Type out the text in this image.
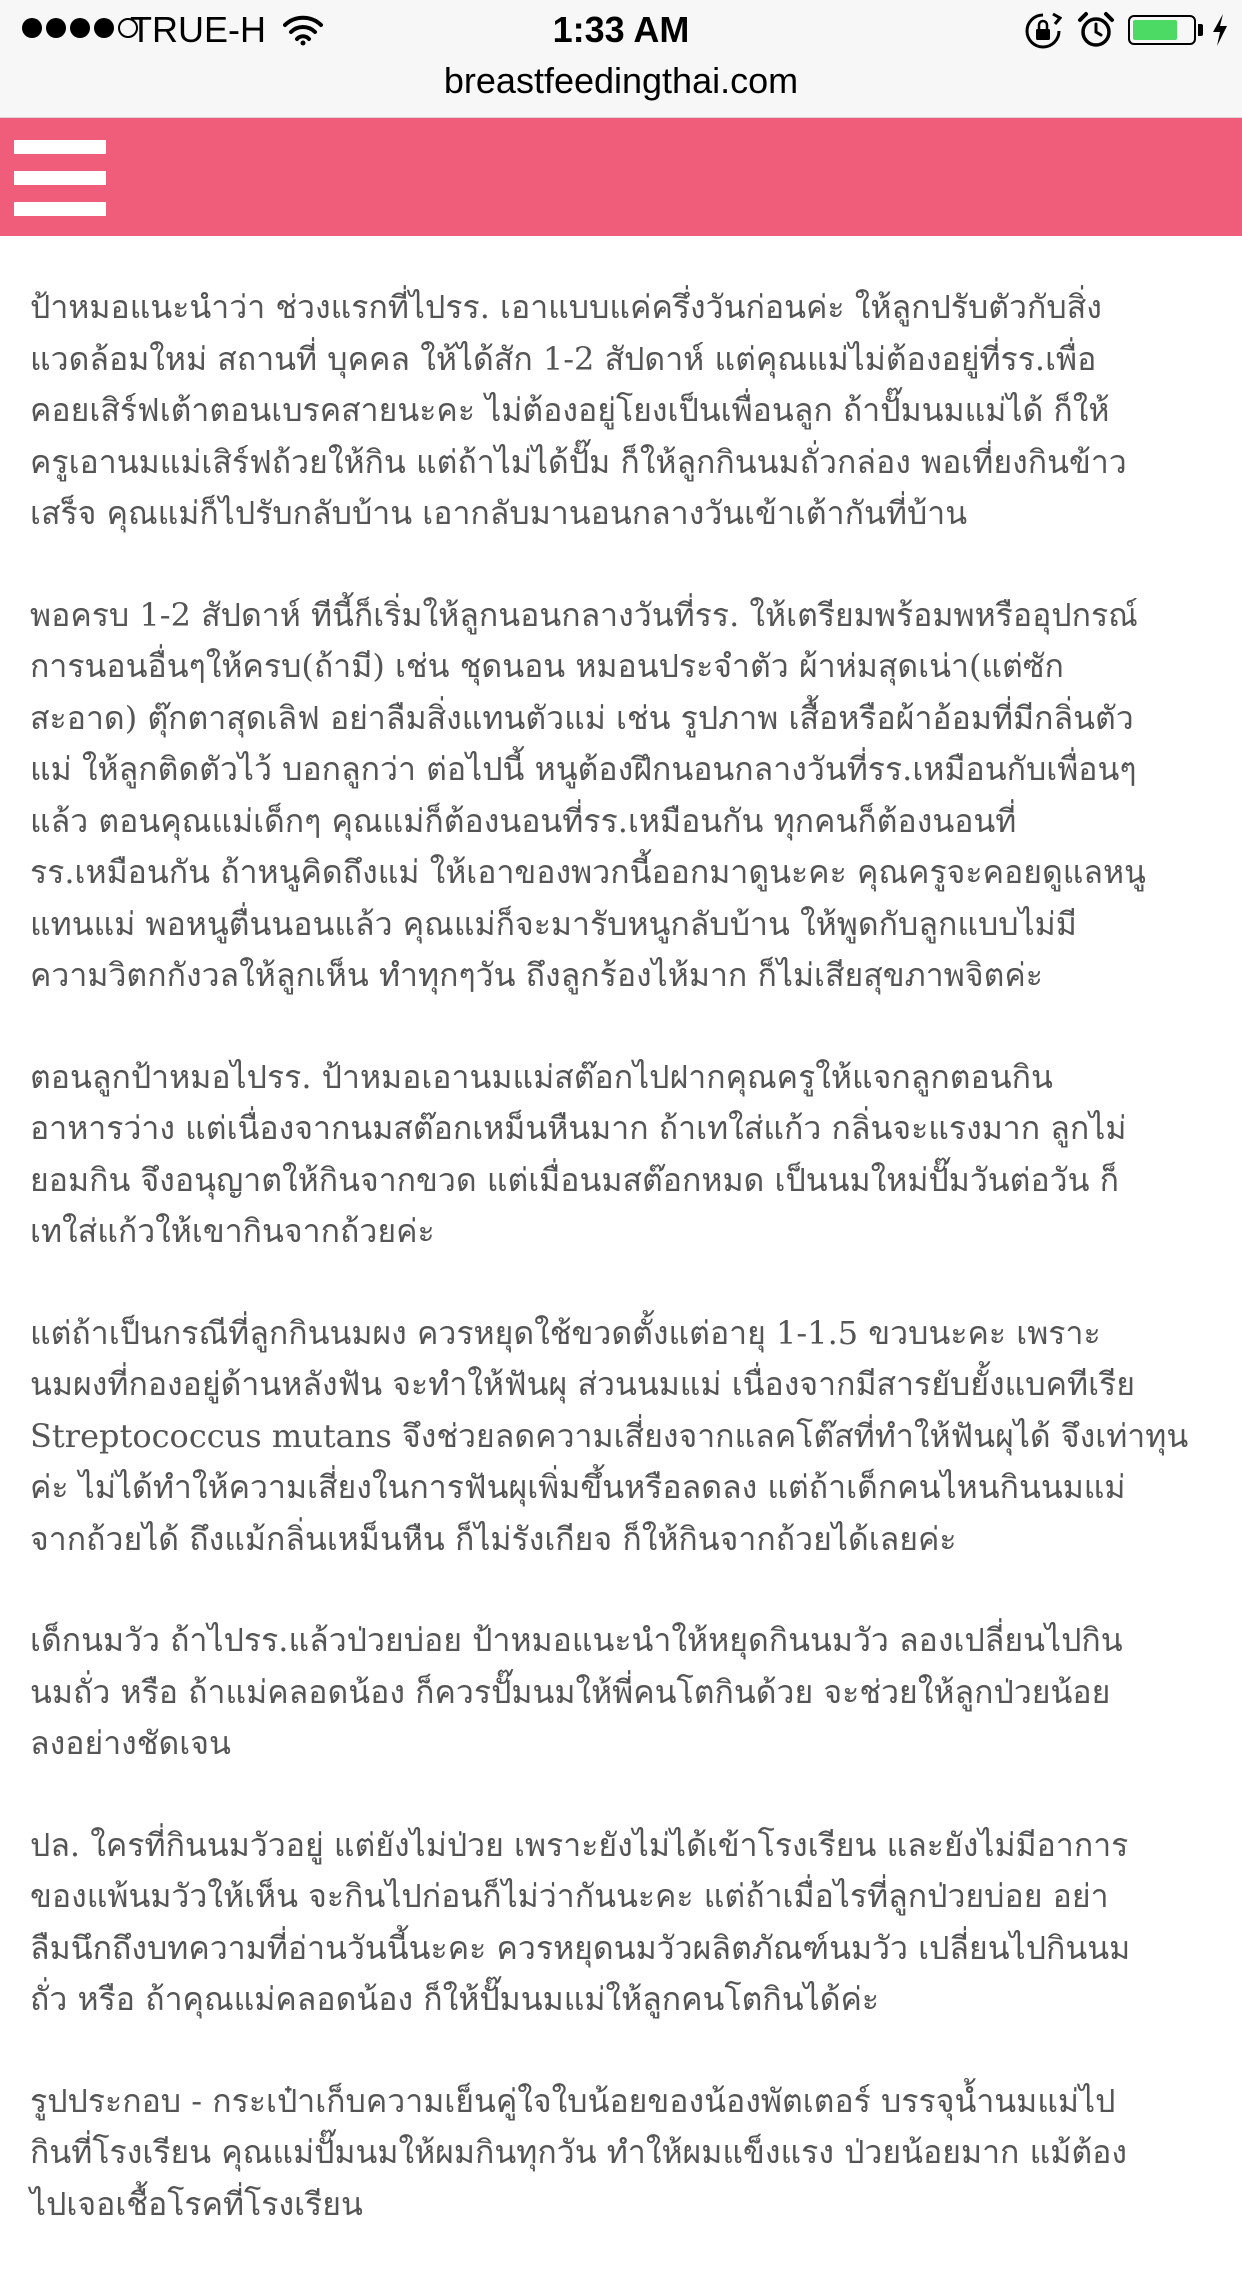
TRUE-H	1:33 AM
breastfeedingthai.com

ป้าหมอแนะนำว่า ช่วงแรกที่ไปรร. เอาแบบแค่ครึ่งวันก่อนค่ะ ให้ลูกปรับตัวกับสิ่ง
แวดล้อมใหม่ สถานที่ บุคคล ให้ได้สัก 1-2 สัปดาห์ แต่คุณแม่ไม่ต้องอยู่ที่รร.เพื่อ
คอยเสิร์ฟเต้าตอนเบรคสายนะคะ ไม่ต้องอยู่โยงเป็นเพื่อนลูก ถ้าปั๊มนมแม่ได้ ก็ให้
ครูเอานมแม่เสิร์ฟถ้วยให้กิน แต่ถ้าไม่ได้ปั๊ม ก็ให้ลูกกินนมถั่วกล่อง พอเที่ยงกินข้าว
เสร็จ คุณแม่ก็ไปรับกลับบ้าน เอากลับมานอนกลางวันเข้าเต้ากันที่บ้าน

พอครบ 1-2 สัปดาห์ ทีนี้ก็เริ่มให้ลูกนอนกลางวันที่รร. ให้เตรียมพร้อมพหรืออุปกรณ์
การนอนอื่นๆให้ครบ(ถ้ามี) เช่น ชุดนอน หมอนประจำตัว ผ้าห่มสุดเน่า(แต่ซัก
สะอาด) ตุ๊กตาสุดเลิฟ อย่าลืมสิ่งแทนตัวแม่ เช่น รูปภาพ เสื้อหรือผ้าอ้อมที่มีกลิ่นตัว
แม่ ให้ลูกติดตัวไว้ บอกลูกว่า ต่อไปนี้ หนูต้องฝึกนอนกลางวันที่รร.เหมือนกับเพื่อนๆ
แล้ว ตอนคุณแม่เด็กๆ คุณแม่ก็ต้องนอนที่รร.เหมือนกัน ทุกคนก็ต้องนอนที่
รร.เหมือนกัน ถ้าหนูคิดถึงแม่ ให้เอาของพวกนี้ออกมาดูนะคะ คุณครูจะคอยดูแลหนู
แทนแม่ พอหนูตื่นนอนแล้ว คุณแม่ก็จะมารับหนูกลับบ้าน ให้พูดกับลูกแบบไม่มี
ความวิตกกังวลให้ลูกเห็น ทำทุกๆวัน ถึงลูกร้องไห้มาก ก็ไม่เสียสุขภาพจิตค่ะ

ตอนลูกป้าหมอไปรร. ป้าหมอเอานมแม่สต๊อกไปฝากคุณครูให้แจกลูกตอนกิน
อาหารว่าง แต่เนื่องจากนมสต๊อกเหม็นหืนมาก ถ้าเทใส่แก้ว กลิ่นจะแรงมาก ลูกไม่
ยอมกิน จึงอนุญาตให้กินจากขวด แต่เมื่อนมสต๊อกหมด เป็นนมใหม่ปั๊มวันต่อวัน ก็
เทใส่แก้วให้เขากินจากถ้วยค่ะ

แต่ถ้าเป็นกรณีที่ลูกกินนมผง ควรหยุดใช้ขวดตั้งแต่อายุ 1-1.5 ขวบนะคะ เพราะ
นมผงที่กองอยู่ด้านหลังฟัน จะทำให้ฟันผุ ส่วนนมแม่ เนื่องจากมีสารยับยั้งแบคทีเรีย
Streptococcus mutans จึงช่วยลดความเสี่ยงจากแลคโต๊สที่ทำให้ฟันผุได้ จึงเท่าทุน
ค่ะ ไม่ได้ทำให้ความเสี่ยงในการฟันผุเพิ่มขึ้นหรือลดลง แต่ถ้าเด็กคนไหนกินนมแม่
จากถ้วยได้ ถึงแม้กลิ่นเหม็นหืน ก็ไม่รังเกียจ ก็ให้กินจากถ้วยได้เลยค่ะ

เด็กนมวัว ถ้าไปรร.แล้วป่วยบ่อย ป้าหมอแนะนำให้หยุดกินนมวัว ลองเปลี่ยนไปกิน
นมถั่ว หรือ ถ้าแม่คลอดน้อง ก็ควรปั๊มนมให้พี่คนโตกินด้วย จะช่วยให้ลูกป่วยน้อย
ลงอย่างชัดเจน

ปล. ใครที่กินนมวัวอยู่ แต่ยังไม่ป่วย เพราะยังไม่ได้เข้าโรงเรียน และยังไม่มีอาการ
ของแพ้นมวัวให้เห็น จะกินไปก่อนก็ไม่ว่ากันนะคะ แต่ถ้าเมื่อไรที่ลูกป่วยบ่อย อย่า
ลืมนึกถึงบทความที่อ่านวันนี้นะคะ ควรหยุดนมวัวผลิตภัณฑ์นมวัว เปลี่ยนไปกินนม
ถั่ว หรือ ถ้าคุณแม่คลอดน้อง ก็ให้ปั๊มนมแม่ให้ลูกคนโตกินได้ค่ะ

รูปประกอบ - กระเป๋าเก็บความเย็นคู่ใจใบน้อยของน้องพัตเตอร์ บรรจุน้ำนมแม่ไป
กินที่โรงเรียน คุณแม่ปั๊มนมให้ผมกินทุกวัน ทำให้ผมแข็งแรง ป่วยน้อยมาก แม้ต้อง
ไปเจอเชื้อโรคที่โรงเรียน
